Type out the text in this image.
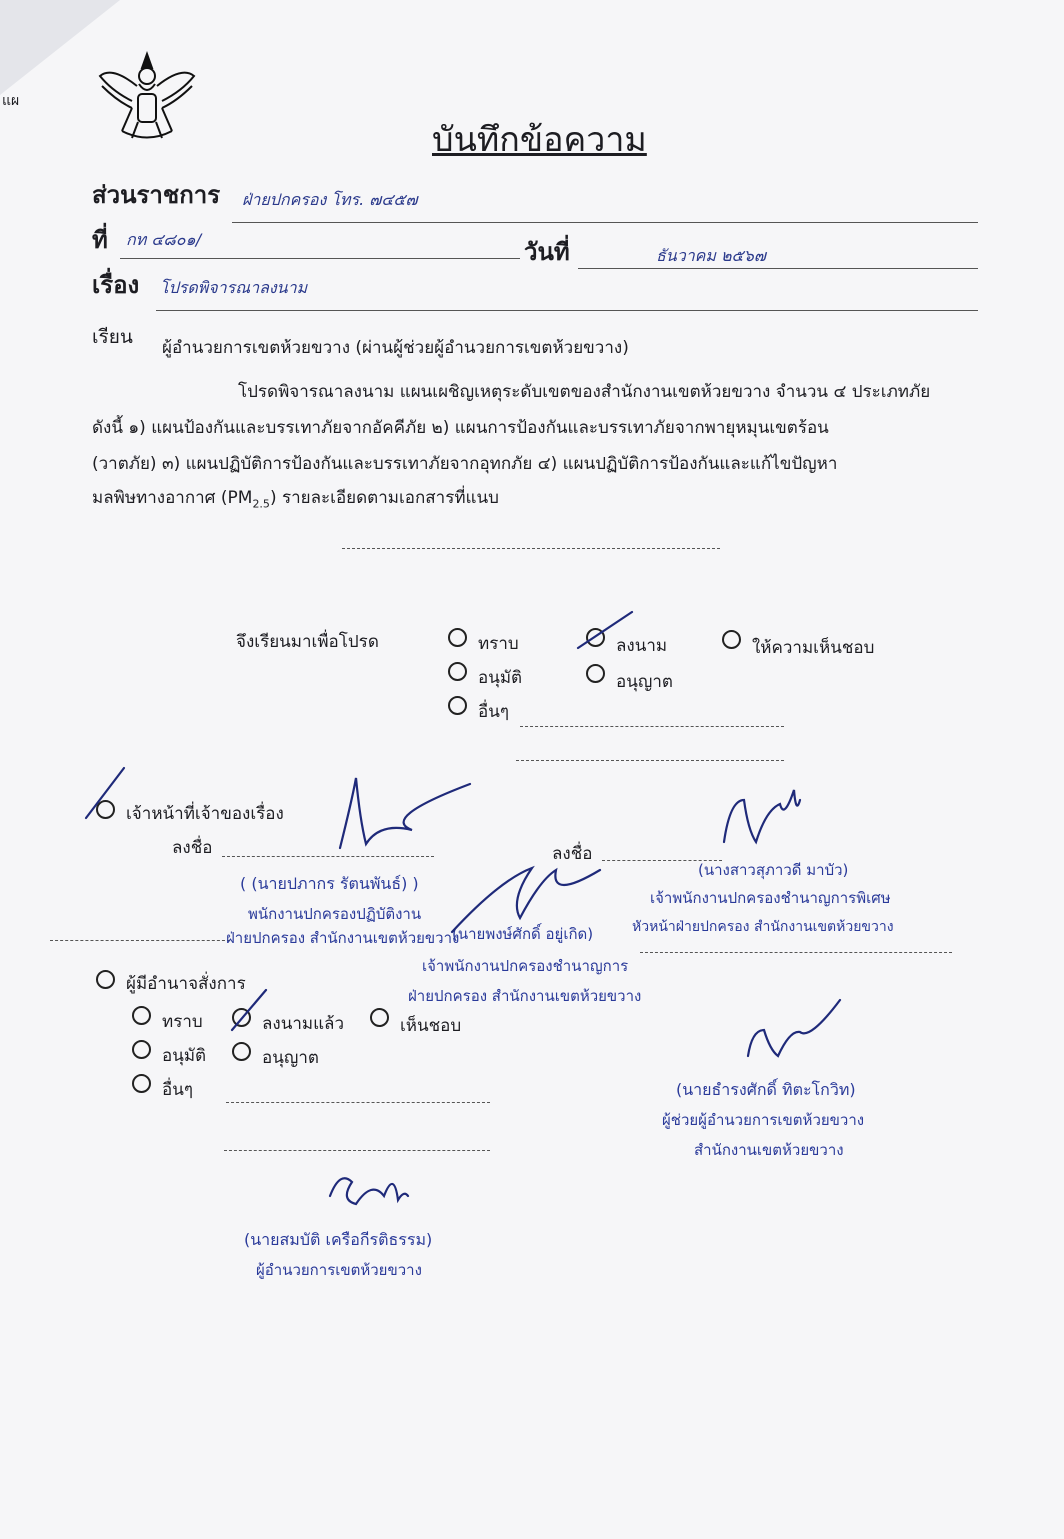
แผ
บันทึกข้อความ
ส่วนราชการ ฝ่ายปกครอง โทร. ๗๔๕๗
ที่ กท ๔๘๐๑/	วันที่	ธันวาคม ๒๕๖๗
เรื่อง โปรดพิจารณาลงนาม
เรียน ผู้อำนวยการเขตห้วยขวาง (ผ่านผู้ช่วยผู้อำนวยการเขตห้วยขวาง)
โปรดพิจารณาลงนาม แผนเผชิญเหตุระดับเขตของสำนักงานเขตห้วยขวาง จำนวน ๔ ประเภทภัย
ดังนี้ ๑) แผนป้องกันและบรรเทาภัยจากอัคคีภัย ๒) แผนการป้องกันและบรรเทาภัยจากพายุหมุนเขตร้อน
(วาตภัย) ๓) แผนปฏิบัติการป้องกันและบรรเทาภัยจากอุทกภัย ๔) แผนปฏิบัติการป้องกันและแก้ไขปัญหา
มลพิษทางอากาศ $(PM_{2.5})$ รายละเอียดตามเอกสารที่แนบ
จึงเรียนมาเพื่อโปรด	ทราบ	ลงนาม	ให้ความเห็นชอบ
อนุมัติ	อนุญาต
อื่นๆ
เจ้าหน้าที่เจ้าของเรื่อง
ลงชื่อ
( (นายปภากร รัตนพันธ์) )
พนักงานปกครองปฏิบัติงาน
ฝ่ายปกครอง สำนักงานเขตห้วยขวาง
ลงชื่อ
(นางสาวสุภาวดี มาบัว)
เจ้าพนักงานปกครองชำนาญการพิเศษ
หัวหน้าฝ่ายปกครอง สำนักงานเขตห้วยขวาง
(นายพงษ์ศักดิ์ อยู่เกิด)
เจ้าพนักงานปกครองชำนาญการ
ฝ่ายปกครอง สำนักงานเขตห้วยขวาง
ผู้มีอำนาจสั่งการ
ทราบ	ลงนามแล้ว	เห็นชอบ
อนุมัติ	อนุญาต
อื่นๆ
(นายสมบัติ เครือกีรติธรรม)
ผู้อำนวยการเขตห้วยขวาง
(นายธำรงศักดิ์ ทิตะโกวิท)
ผู้ช่วยผู้อำนวยการเขตห้วยขวาง
สำนักงานเขตห้วยขวาง
